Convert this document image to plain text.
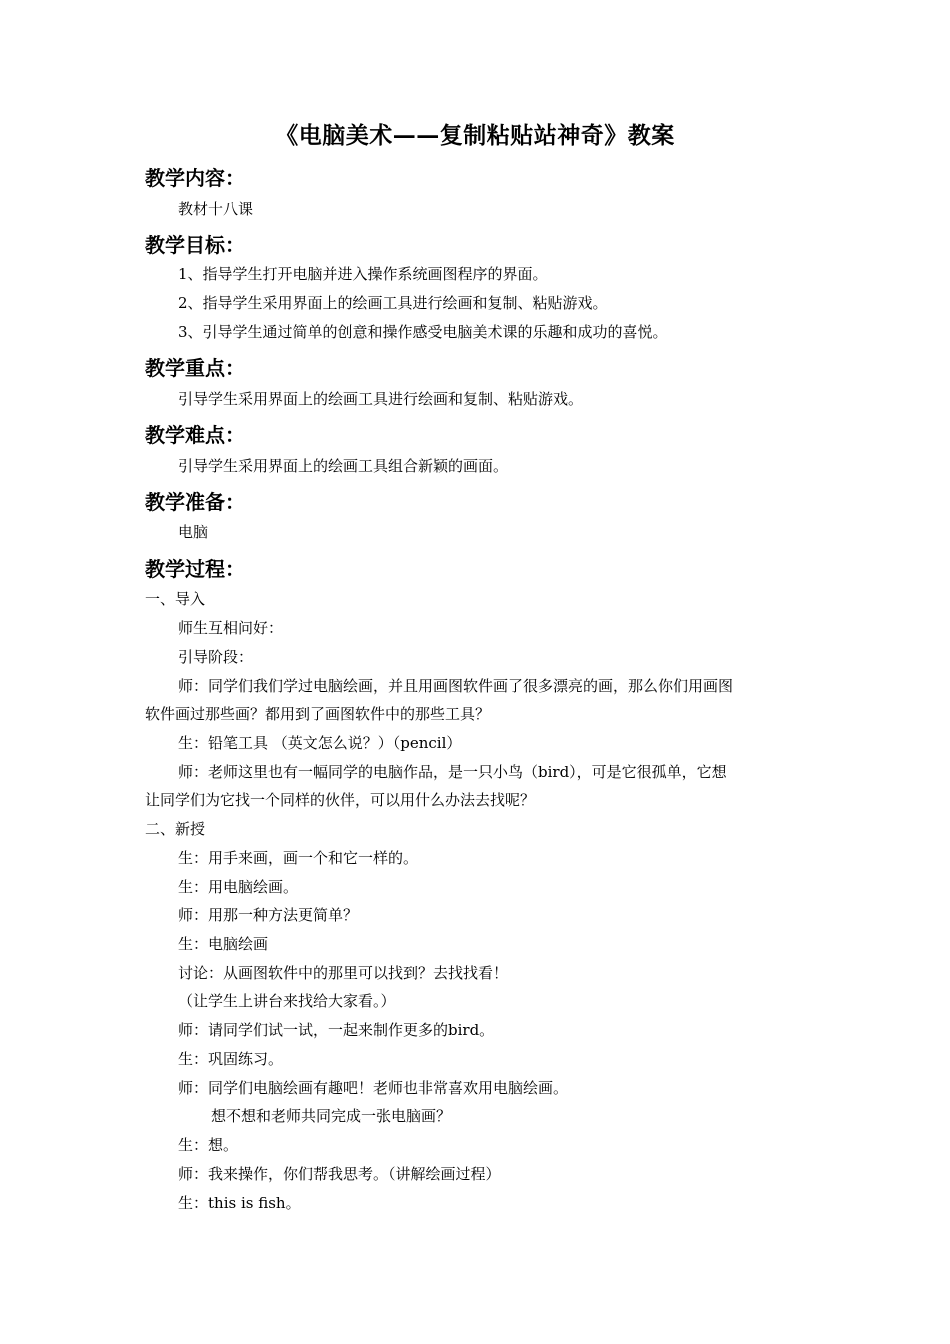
《电脑美术——复制粘贴站神奇》教案
教学内容：
教材十八课
教学目标：
1、指导学生打开电脑并进入操作系统画图程序的界面。
2、指导学生采用界面上的绘画工具进行绘画和复制、粘贴游戏。
3、引导学生通过简单的创意和操作感受电脑美术课的乐趣和成功的喜悦。
教学重点：
引导学生采用界面上的绘画工具进行绘画和复制、粘贴游戏。
教学难点：
引导学生采用界面上的绘画工具组合新颖的画面。
教学准备：
电脑
教学过程：
一、导入
师生互相问好：
引导阶段：
师：同学们我们学过电脑绘画，并且用画图软件画了很多漂亮的画，那么你们用画图
软件画过那些画？都用到了画图软件中的那些工具？
生：铅笔工具 （英文怎么说？）（pencil）
师：老师这里也有一幅同学的电脑作品，是一只小鸟（bird），可是它很孤单，它想
让同学们为它找一个同样的伙伴，可以用什么办法去找呢？
二、新授
生：用手来画，画一个和它一样的。
生：用电脑绘画。
师：用那一种方法更简单？
生：电脑绘画
讨论：从画图软件中的那里可以找到？去找找看！
（让学生上讲台来找给大家看。）
师：请同学们试一试，一起来制作更多的bird。
生：巩固练习。
师：同学们电脑绘画有趣吧！老师也非常喜欢用电脑绘画。
想不想和老师共同完成一张电脑画？
生：想。
师：我来操作，你们帮我思考。（讲解绘画过程）
生：this is fish。
